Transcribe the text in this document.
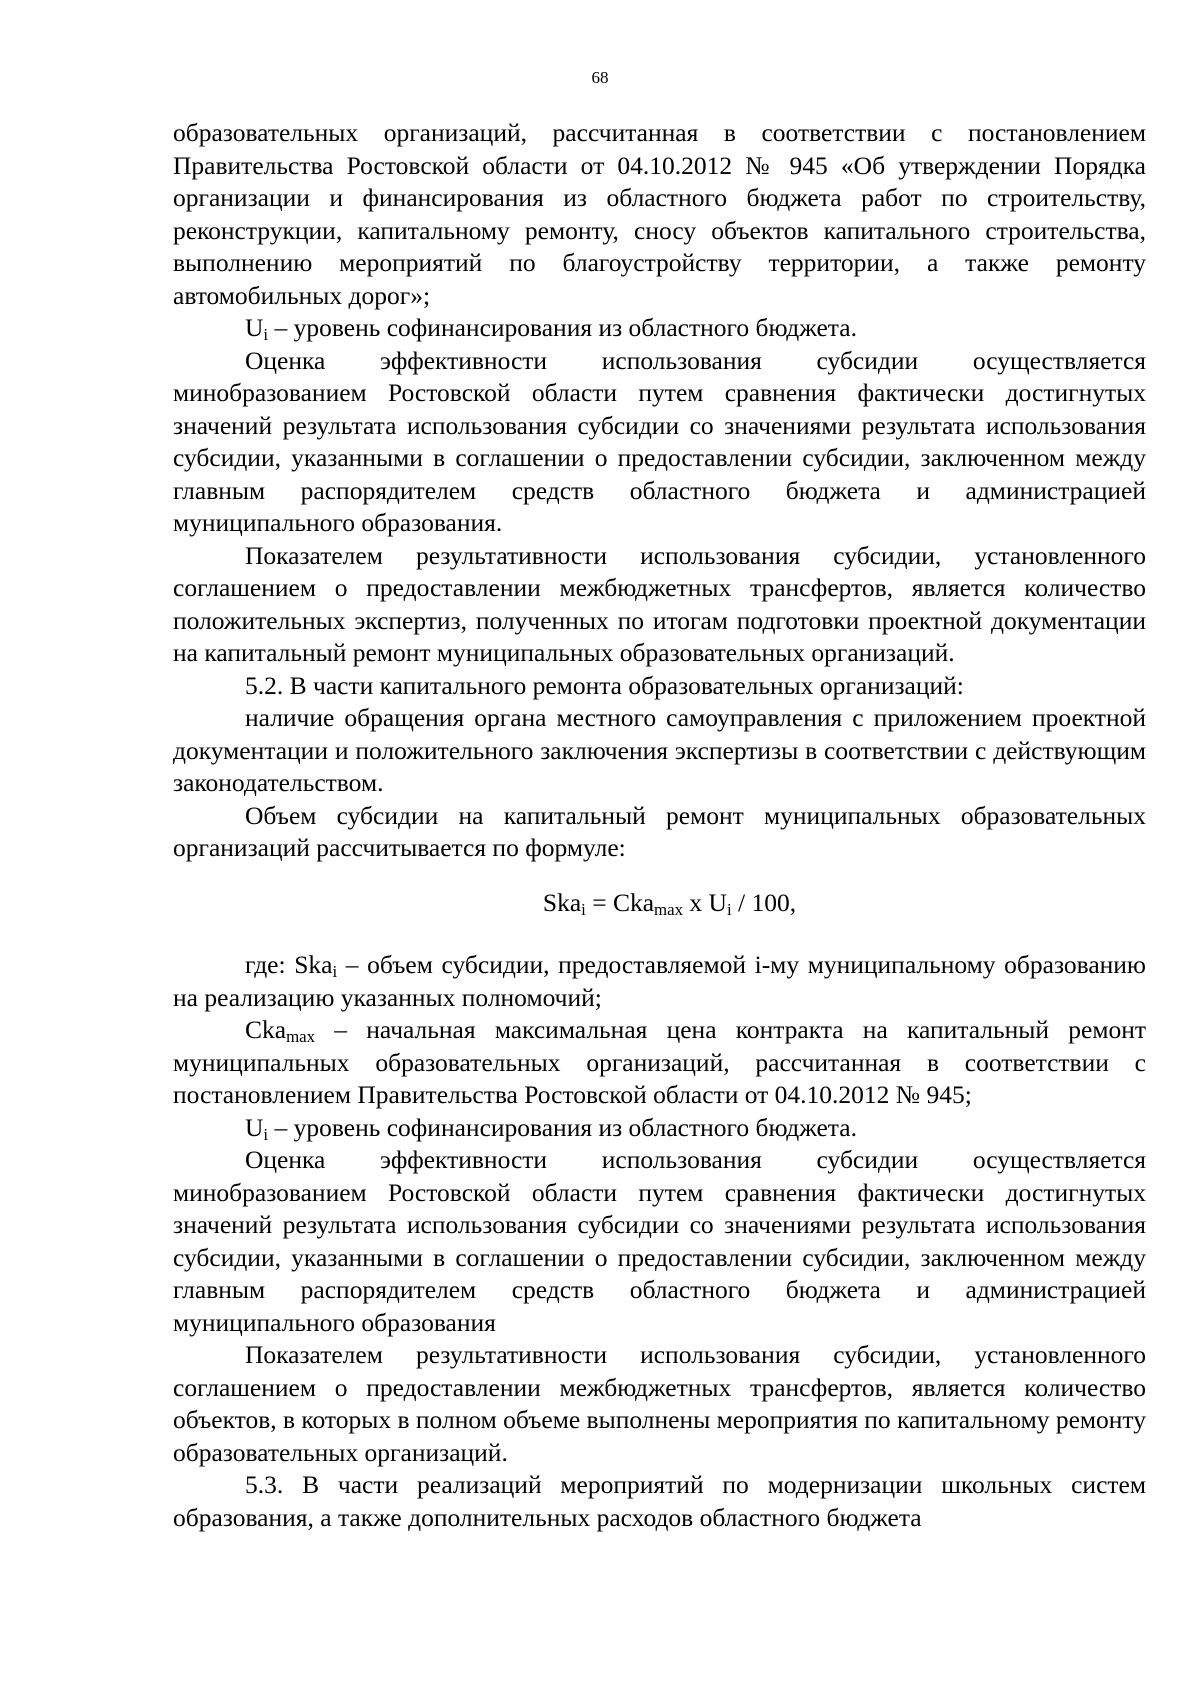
68

образовательных организаций, рассчитанная в соответствии с постановлением Правительства Ростовской области от 04.10.2012 № 945 «Об утверждении Порядка организации и финансирования из областного бюджета работ по строительству, реконструкции, капитальному ремонту, сносу объектов капитального строительства, выполнению мероприятий по благоустройству территории, а также ремонту автомобильных дорог»;

$U_i$ – уровень софинансирования из областного бюджета.

Оценка эффективности использования субсидии осуществляется минобразованием Ростовской области путем сравнения фактически достигнутых значений результата использования субсидии со значениями результата использования субсидии, указанными в соглашении о предоставлении субсидии, заключенном между главным распорядителем средств областного бюджета и администрацией муниципального образования.

Показателем результативности использования субсидии, установленного соглашением о предоставлении межбюджетных трансфертов, является количество положительных экспертиз, полученных по итогам подготовки проектной документации на капитальный ремонт муниципальных образовательных организаций.

5.2. В части капитального ремонта образовательных организаций:

наличие обращения органа местного самоуправления с приложением проектной документации и положительного заключения экспертизы в соответствии с действующим законодательством.

Объем субсидии на капитальный ремонт муниципальных образовательных организаций рассчитывается по формуле:

Ska$_i$ = Cka$_{max}$ x $U_i / 100$,

где: Ska$_i$ – объем субсидии, предоставляемой i-му муниципальному образованию на реализацию указанных полномочий;

Cka$_{max}$ – начальная максимальная цена контракта на капитальный ремонт муниципальных образовательных организаций, рассчитанная в соответствии с постановлением Правительства Ростовской области от 04.10.2012 № 945;

$U_i$ – уровень софинансирования из областного бюджета.

Оценка эффективности использования субсидии осуществляется минобразованием Ростовской области путем сравнения фактически достигнутых значений результата использования субсидии со значениями результата использования субсидии, указанными в соглашении о предоставлении субсидии, заключенном между главным распорядителем средств областного бюджета и администрацией муниципального образования

Показателем результативности использования субсидии, установленного соглашением о предоставлении межбюджетных трансфертов, является количество объектов, в которых в полном объеме выполнены мероприятия по капитальному ремонту образовательных организаций.

5.3. В части реализаций мероприятий по модернизации школьных систем образования, а также дополнительных расходов областного бюджета
